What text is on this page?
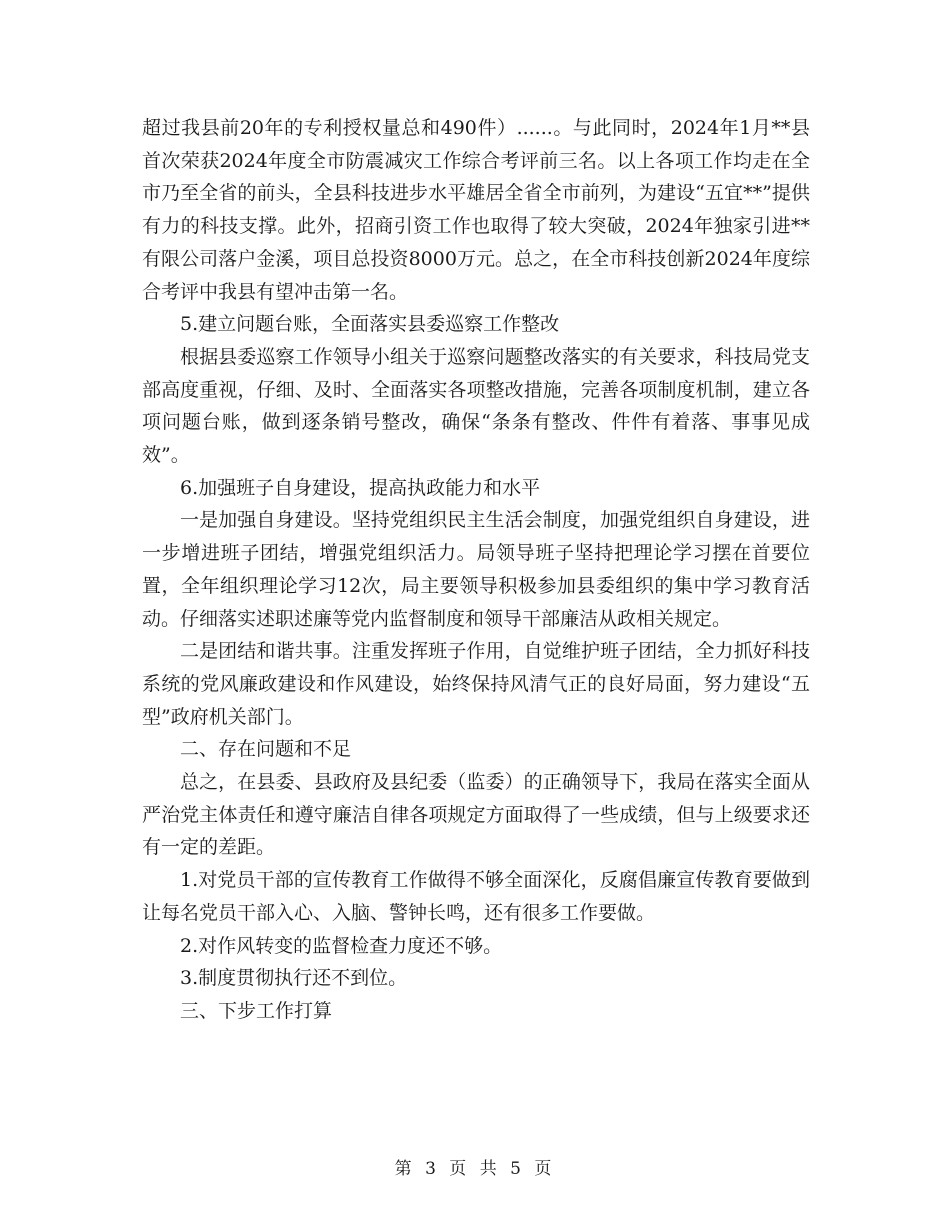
超过我县前20年的专利授权量总和490件）......。与此同时，2024年1月**县首次荣获2024年度全市防震减灾工作综合考评前三名。以上各项工作均走在全市乃至全省的前头，全县科技进步水平雄居全省全市前列，为建设“五宜**”提供有力的科技支撑。此外，招商引资工作也取得了较大突破，2024年独家引进**有限公司落户金溪，项目总投资8000万元。总之，在全市科技创新2024年度综合考评中我县有望冲击第一名。

5.建立问题台账，全面落实县委巡察工作整改

根据县委巡察工作领导小组关于巡察问题整改落实的有关要求，科技局党支部高度重视，仔细、及时、全面落实各项整改措施，完善各项制度机制，建立各项问题台账，做到逐条销号整改，确保“条条有整改、件件有着落、事事见成效”。

6.加强班子自身建设，提高执政能力和水平

一是加强自身建设。坚持党组织民主生活会制度，加强党组织自身建设，进一步增进班子团结，增强党组织活力。局领导班子坚持把理论学习摆在首要位置，全年组织理论学习12次，局主要领导积极参加县委组织的集中学习教育活动。仔细落实述职述廉等党内监督制度和领导干部廉洁从政相关规定。

二是团结和谐共事。注重发挥班子作用，自觉维护班子团结，全力抓好科技系统的党风廉政建设和作风建设，始终保持风清气正的良好局面，努力建设“五型”政府机关部门。

二、存在问题和不足

总之，在县委、县政府及县纪委（监委）的正确领导下，我局在落实全面从严治党主体责任和遵守廉洁自律各项规定方面取得了一些成绩，但与上级要求还有一定的差距。

1.对党员干部的宣传教育工作做得不够全面深化，反腐倡廉宣传教育要做到让每名党员干部入心、入脑、警钟长鸣，还有很多工作要做。

2.对作风转变的监督检查力度还不够。

3.制度贯彻执行还不到位。

三、下步工作打算

第 3 页 共 5 页
